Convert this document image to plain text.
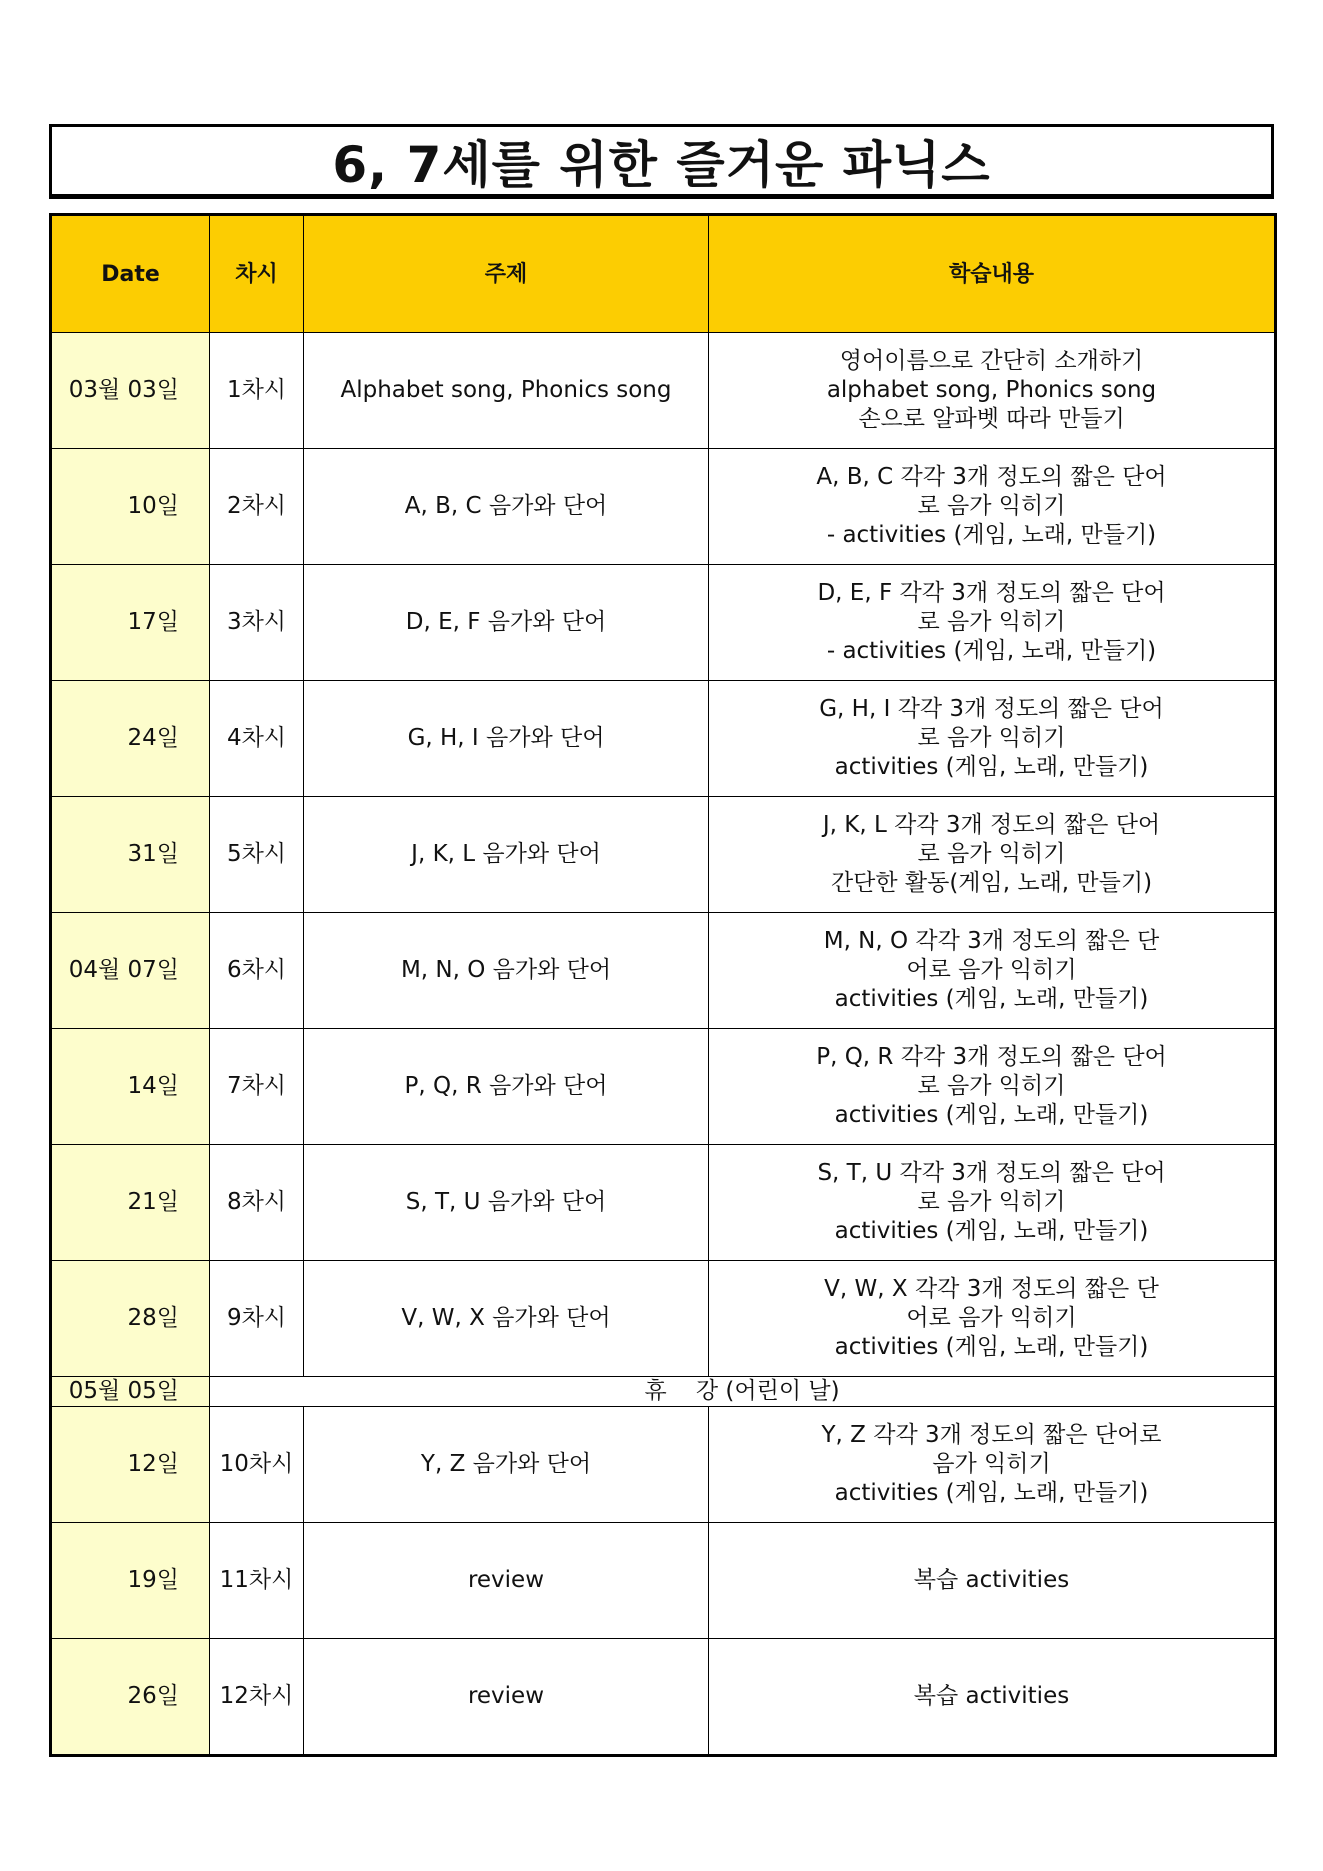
6, 7세를 위한 즐거운 파닉스
Date	차시	주제	학습내용
03월 03일	1차시	Alphabet song, Phonics song	영어이름으로 간단히 소개하기
alphabet song, Phonics song
손으로 알파벳 따라 만들기

10일	2차시	A, B, C 음가와 단어	A, B, C 각각 3개 정도의 짧은 단어
로 음가 익히기
- activities (게임, 노래, 만들기)

17일	3차시	D, E, F 음가와 단어	D, E, F 각각 3개 정도의 짧은 단어
로 음가 익히기
- activities (게임, 노래, 만들기)

24일	4차시	G, H, I 음가와 단어	G, H, I 각각 3개 정도의 짧은 단어
로 음가 익히기
activities (게임, 노래, 만들기)

31일	5차시	J, K, L 음가와 단어	J, K, L 각각 3개 정도의 짧은 단어
로 음가 익히기
간단한 활동(게임, 노래, 만들기)

04월 07일	6차시	M, N, O 음가와 단어	M, N, O 각각 3개 정도의 짧은 단
어로 음가 익히기
activities (게임, 노래, 만들기)

14일	7차시	P, Q, R 음가와 단어	P, Q, R 각각 3개 정도의 짧은 단어
로 음가 익히기
activities (게임, 노래, 만들기)

21일	8차시	S, T, U 음가와 단어	S, T, U 각각 3개 정도의 짧은 단어
로 음가 익히기
activities (게임, 노래, 만들기)

28일	9차시	V, W, X 음가와 단어	V, W, X 각각 3개 정도의 짧은 단
어로 음가 익히기
activities (게임, 노래, 만들기)

05월 05일	휴    강 (어린이 날)		
12일	10차시	Y, Z 음가와 단어	Y, Z 각각 3개 정도의 짧은 단어로
음가 익히기
activities (게임, 노래, 만들기)

19일	11차시	review	복습 activities

26일	12차시	review	복습 activities
